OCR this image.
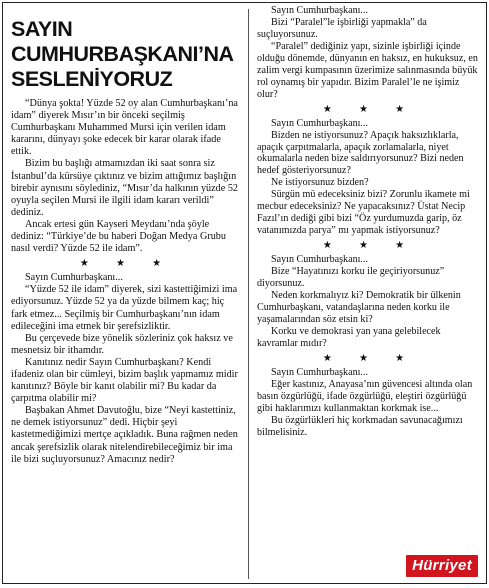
SAYIN
CUMHURBAŞKANI’NA
SESLENİYORUZ

“Dünya şokta! Yüzde 52 oy alan Cumhurbaşkanı’na idam” diyerek Mısır’ın bir önceki seçilmiş Cumhurbaşkanı Muhammed Mursi için verilen idam kararını, dünyayı şoke edecek bir karar olarak ifade ettik.

Bizim bu başlığı atmamızdan iki saat sonra siz İstanbul’da kürsüye çıktınız ve bizim attığımız başlığın birebir aynısını söylediniz, “Mısır’da halkının yüzde 52 oyuyla seçilen Mursi ile ilgili idam kararı verildi” dediniz.

Ancak ertesi gün Kayseri Meydanı’nda şöyle dediniz: “Türkiye’de bu haberi Doğan Medya Grubu nasıl verdi? Yüzde 52 ile idam”.

★ ★ ★

Sayın Cumhurbaşkanı...

“Yüzde 52 ile idam” diyerek, sizi kastettiğimizi ima ediyorsunuz. Yüzde 52 ya da yüzde bilmem kaç; hiç fark etmez... Seçilmiş bir Cumhurbaşkanı’nın idam edileceğini ima etmek bir şerefsizliktir.

Bu çerçevede bize yönelik sözleriniz çok haksız ve mesnetsiz bir ithamdır.

Kanıtınız nedir Sayın Cumhurbaşkanı? Kendi ifadeniz olan bir cümleyi, bizim başlık yapmamız midir kanıtınız? Böyle bir kanıt olabilir mi? Bu kadar da çarpıtma olabilir mi?

Başbakan Ahmet Davutoğlu, bize “Neyi kastettiniz, ne demek istiyorsunuz” dedi. Hiçbir şeyi kastetmediğimizi mertçe açıkladık. Buna rağmen neden ancak şerefsizlik olarak nitelendirebileceğimiz bir ima ile bizi suçluyorsunuz? Amacınız nedir?

Sayın Cumhurbaşkanı...

Bizi “Paralel”le işbirliği yapmakla” da suçluyorsunuz.

“Paralel” dediğiniz yapı, sizinle işbirliği içinde olduğu dönemde, dünyanın en haksız, en hukuksuz, en zalim vergi kumpasının üzerimize salınmasında büyük rol oynamış bir yapıdır. Bizim Paralel’le ne işimiz olur?

★ ★ ★

Sayın Cumhurbaşkanı...

Bizden ne istiyorsunuz? Apaçık haksızlıklarla, apaçık çarpıtmalarla, apaçık zorlamalarla, niyet okumalarla neden bize saldırıyorsunuz? Bizi neden hedef gösteriyorsunuz?

Ne istiyorsunuz bizden?

Sürgün mü edeceksiniz bizi? Zorunlu ikamete mi mecbur edeceksiniz? Ne yapacaksınız? Üstat Necip Fazıl’ın dediği gibi bizi “Öz yurdumuzda garip, öz vatanımızda parya” mı yapmak istiyorsunuz?

★ ★ ★

Sayın Cumhurbaşkanı...

Bize “Hayatınızı korku ile geçiriyorsunuz” diyorsunuz.

Neden korkmalıyız ki? Demokratik bir ülkenin Cumhurbaşkanı, vatandaşlarına neden korku ile yaşamalarından söz etsin ki?

Korku ve demokrasi yan yana gelebilecek kavramlar mıdır?

★ ★ ★

Sayın Cumhurbaşkanı...

Eğer kastınız, Anayasa’nın güvencesi altında olan basın özgürlüğü, ifade özgürlüğü, eleştiri özgürlüğü gibi haklarımızı kullanmaktan korkmak ise...

Bu özgürlükleri hiç korkmadan savunacağımızı bilmelisiniz.

Hürriyet
